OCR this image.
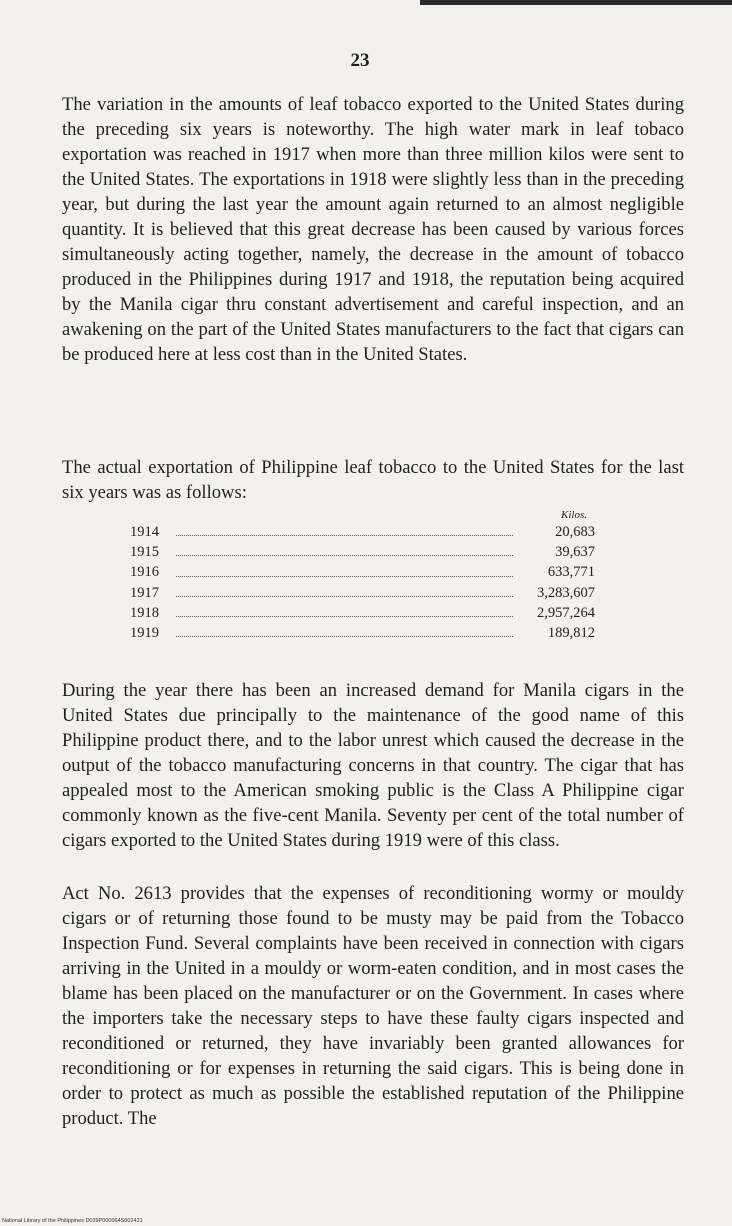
23

The variation in the amounts of leaf tobacco exported to the United States during the preceding six years is noteworthy. The high water mark in leaf tobaco exportation was reached in 1917 when more than three million kilos were sent to the United States. The exportations in 1918 were slightly less than in the preceding year, but during the last year the amount again returned to an almost negligible quantity. It is believed that this great decrease has been caused by various forces simultaneously acting together, namely, the decrease in the amount of tobacco produced in the Philippines during 1917 and 1918, the reputation being acquired by the Manila cigar thru constant advertisement and careful inspection, and an awakening on the part of the United States manufacturers to the fact that cigars can be produced here at less cost than in the United States.

The actual exportation of Philippine leaf tobacco to the United States for the last six years was as follows:

Kilos.
1914	20,683
1915	39,637
1916	633,771
1917	3,283,607
1918	2,957,264
1919	189,812

During the year there has been an increased demand for Manila cigars in the United States due principally to the maintenance of the good name of this Philippine product there, and to the labor unrest which caused the decrease in the output of the tobacco manufacturing concerns in that country. The cigar that has appealed most to the American smoking public is the Class A Philippine cigar commonly known as the five-cent Manila. Seventy per cent of the total number of cigars exported to the United States during 1919 were of this class.

Act No. 2613 provides that the expenses of reconditioning wormy or mouldy cigars or of returning those found to be musty may be paid from the Tobacco Inspection Fund. Several complaints have been received in connection with cigars arriving in the United in a mouldy or worm-eaten condition, and in most cases the blame has been placed on the manufacturer or on the Government. In cases where the importers take the necessary steps to have these faulty cigars inspected and reconditioned or returned, they have invariably been granted allowances for reconditioning or for expenses in returning the said cigars. This is being done in order to protect as much as possible the established reputation of the Philippine product. The

National Library of the Philippines D039P000064S002431
